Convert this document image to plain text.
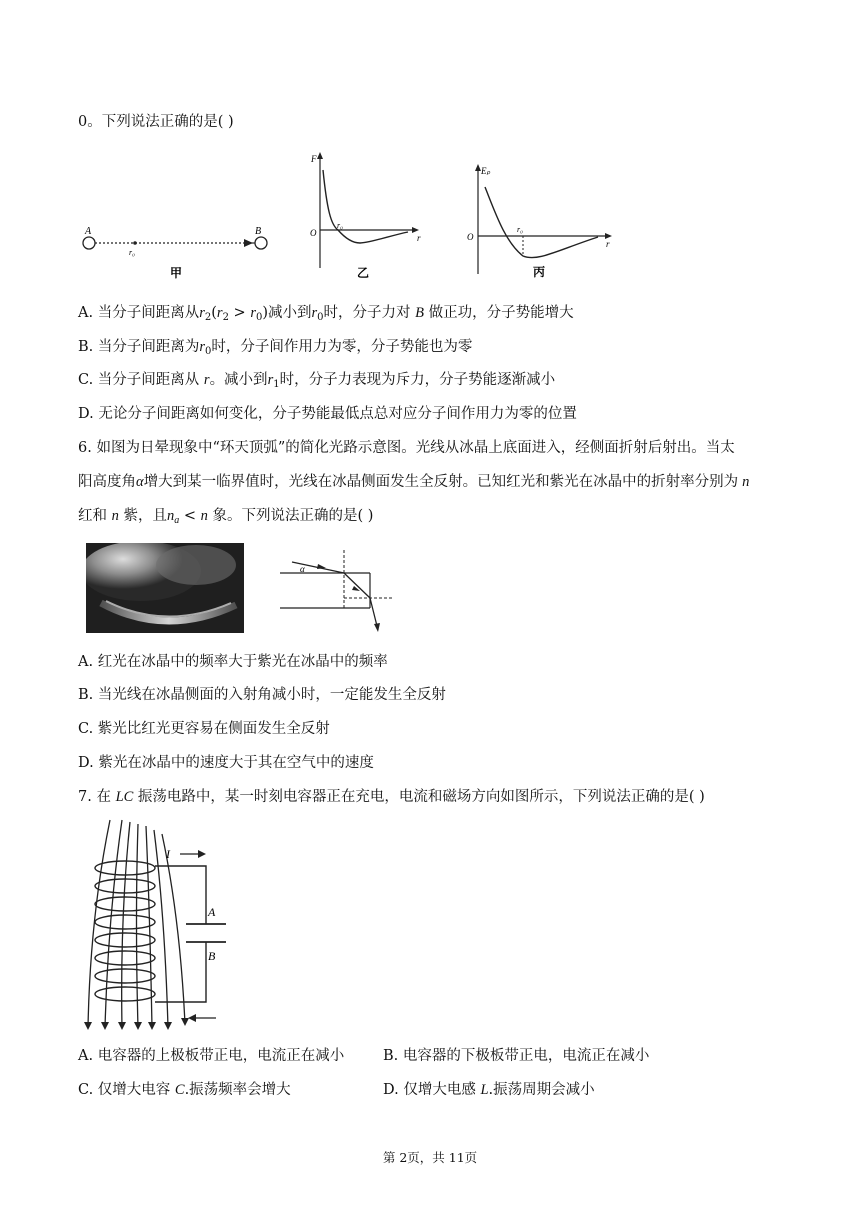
0。下列说法正确的是( )
A	B
r₀
甲
F
O
r₀
r
乙
Eₚ
O
r₀
r
丙
A. 当分子间距离从$r_2(r_2 > r_0)$减小到$r_0$时，分子力对 B 做正功，分子势能增大
B. 当分子间距离为$r_0$时，分子间作用力为零，分子势能也为零
C. 当分子间距离从 r。减小到$r_1$时，分子力表现为斥力，分子势能逐渐减小
D. 无论分子间距离如何变化，分子势能最低点总对应分子间作用力为零的位置
6. 如图为日晕现象中“环天顶弧”的简化光路示意图。光线从冰晶上底面进入，经侧面折射后射出。当太
阳高度角α增大到某一临界值时，光线在冰晶侧面发生全反射。已知红光和紫光在冰晶中的折射率分别为 n
红和 n 紫，且$n_a < n$ 象。下列说法正确的是( )
α
A. 红光在冰晶中的频率大于紫光在冰晶中的频率
B. 当光线在冰晶侧面的入射角减小时，一定能发生全反射
C. 紫光比红光更容易在侧面发生全反射
D. 紫光在冰晶中的速度大于其在空气中的速度
7. 在 LC 振荡电路中，某一时刻电容器正在充电，电流和磁场方向如图所示，下列说法正确的是( )
I
A
B
A. 电容器的上极板带正电，电流正在减小	B. 电容器的下极板带正电，电流正在减小
C. 仅增大电容 C.振荡频率会增大	D. 仅增大电感 L.振荡周期会减小
第 2页，共 11页
